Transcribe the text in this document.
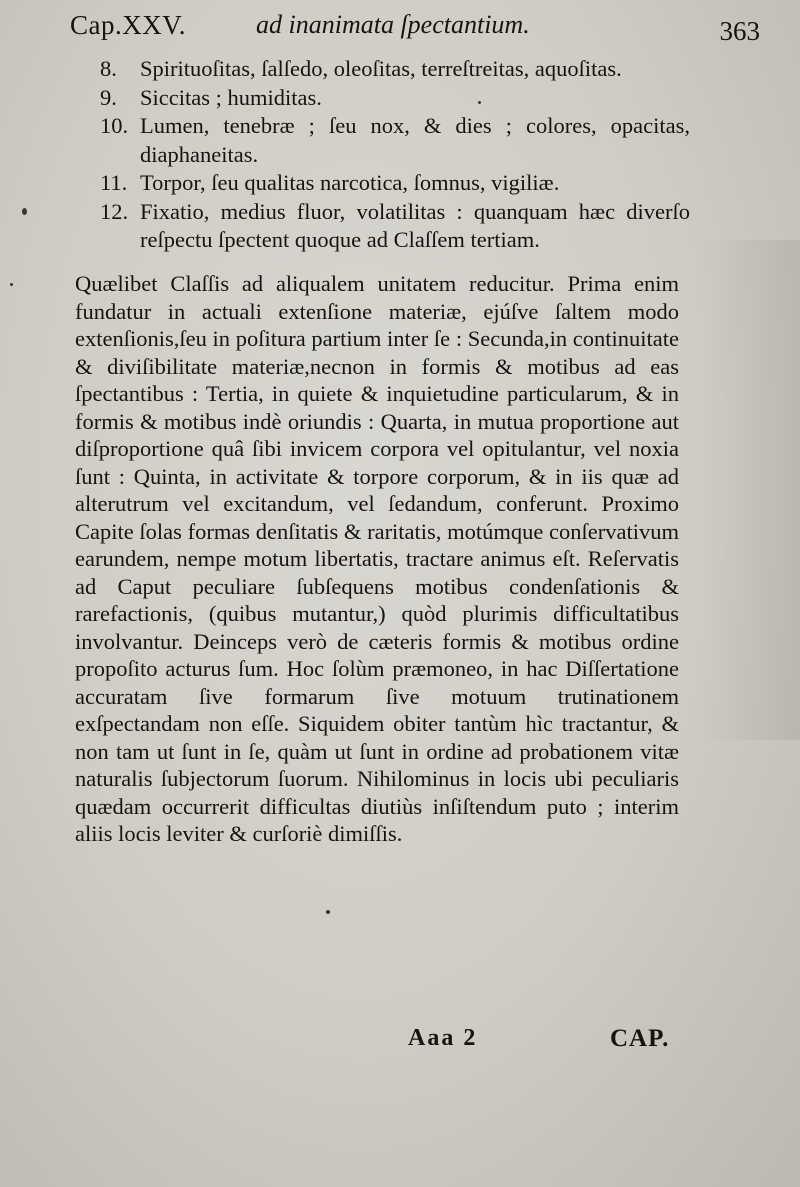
Cap.XXV.	ad inanimata ſpectantium.	363
8.	Spirituoſitas, ſalſedo, oleoſitas, terreſtreitas, aquoſitas.
9.	Siccitas ; humiditas.
10. Lumen, tenebræ ; ſeu nox, & dies ; colores, opacitas, diaphaneitas.
11. Torpor, ſeu qualitas narcotica, ſomnus, vigiliæ.
12. Fixatio, medius fluor, volatilitas : quanquam hæc diverſo reſpectu ſpectent quoque ad Claſſem tertiam.
Quælibet Claſſis ad aliqualem unitatem reducitur. Prima enim fundatur in actuali extenſione materiæ, ejúſve ſaltem modo extenſionis,ſeu in poſitura partium inter ſe : Secunda,in continuitate & diviſibilitate materiæ,necnon in formis & motibus ad eas ſpectantibus : Tertia, in quiete & inquietudine particularum, & in formis & motibus indè oriundis : Quarta, in mutua proportione aut diſproportione quâ ſibi invicem corpora vel opitulantur, vel noxia ſunt : Quinta, in activitate & torpore corporum, & in iis quæ ad alterutrum vel excitandum, vel ſedandum, conferunt. Proximo Capite ſolas formas denſitatis & raritatis, motúmque conſervativum earundem, nempe motum libertatis, tractare animus eſt. Reſervatis ad Caput peculiare ſubſequens motibus condenſationis & rarefactionis, (quibus mutantur,) quòd plurimis difficultatibus involvantur. Deinceps verò de cæteris formis & motibus ordine propoſito acturus ſum. Hoc ſolùm præmoneo, in hac Diſſertatione accuratam ſive formarum ſive motuum trutinationem exſpectandam non eſſe. Siquidem obiter tantùm hìc tractantur, & non tam ut ſunt in ſe, quàm ut ſunt in ordine ad probationem vitæ naturalis ſubjectorum ſuorum. Nihilominus in locis ubi peculiaris quædam occurrerit difficultas diutiùs inſiſtendum puto ; interim aliis locis leviter & curſoriè dimiſſis.
Aaa 2	CAP.
